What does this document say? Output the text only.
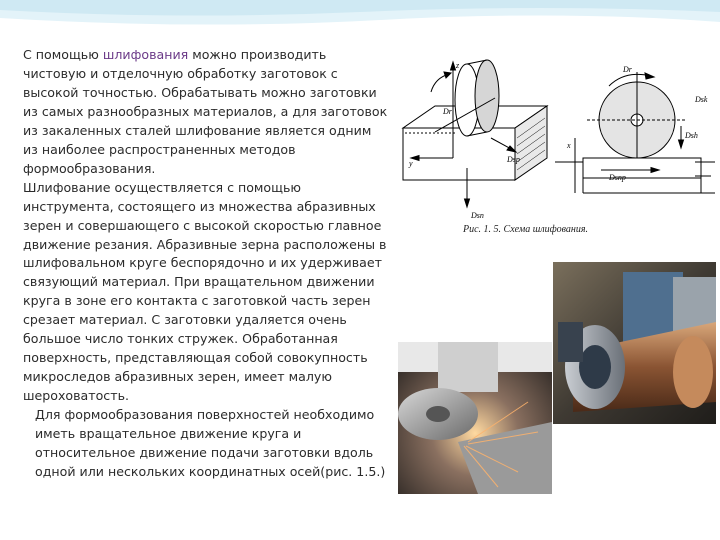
С помощью шлифования можно производить чистовую и отделочную обработку заготовок с высокой точностью. Обрабатывать можно заготовки из самых разнообразных материалов, а для заготовок из закаленных сталей шлифование является одним из наиболее распространенных методов формообразования.

Шлифование осуществляется с помощью инструмента, состоящего из множества абразивных зерен и совершающего с высокой скоростью главное движение резания. Абразивные зерна расположены в шлифовальном круге беспорядочно и их удерживает связующий материал. При вращательном движении круга в зоне его контакта с заготовкой часть зерен срезает материал. С заготовки удаляется очень большое число тонких стружек. Обработанная поверхность, представляющая собой совокупность микроследов абразивных зерен, имеет малую шероховатость.

Для формообразования поверхностей необходимо иметь вращательное движение круга и относительное движение подачи заготовки вдоль одной или нескольких координатных осей(рис. 1.5.)

z
y
Dr
Dsn
Dsp
Dr
Dsh
Dsnp
Dsk
x
Рис. 1. 5. Схема шлифования.
